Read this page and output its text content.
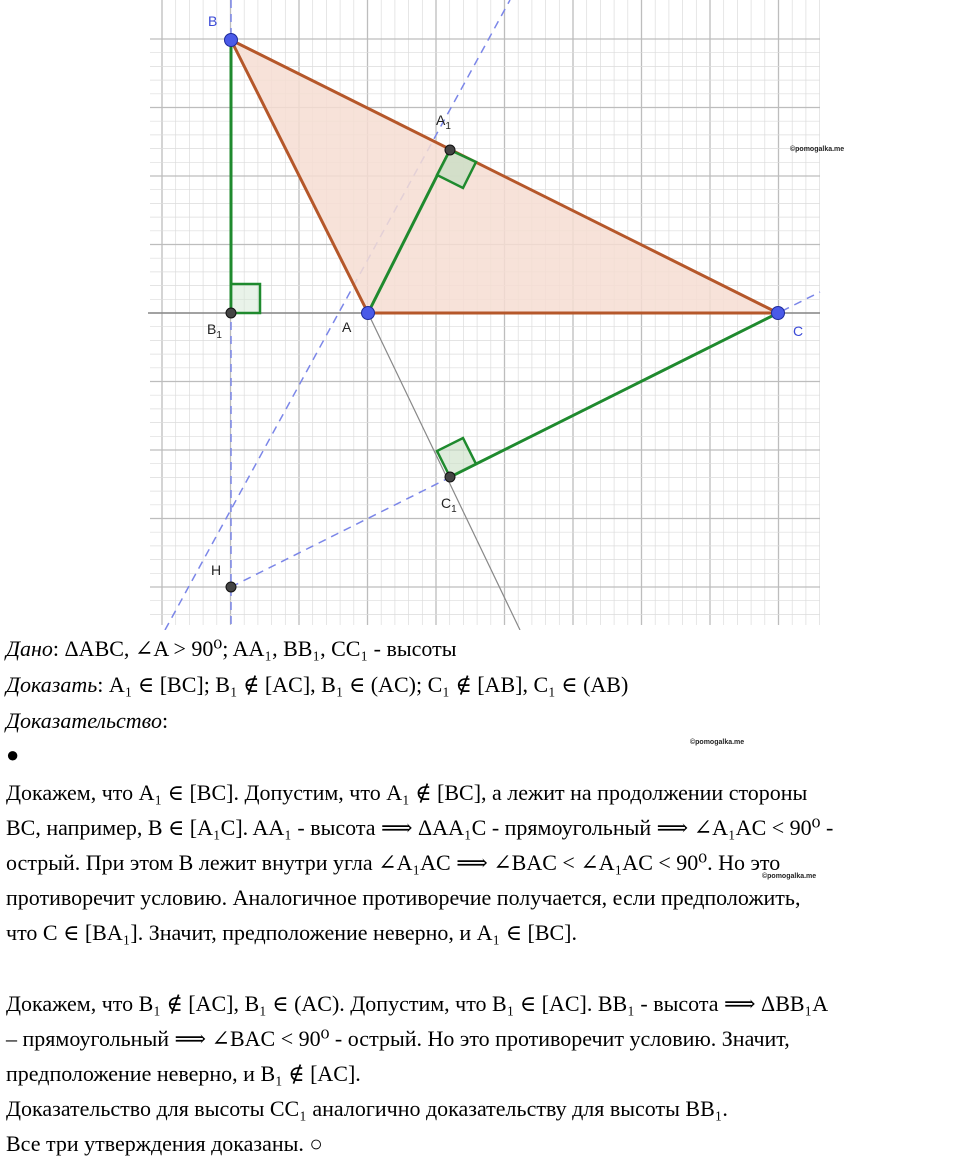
B
A	C
H
$A_1$
$B_1$
$C_1$
©pomogalka.me
©pomogalka.me
©pomogalka.me
Дано: ΔABC, ∠A > 90⁰; AA₁, BB₁, CC₁ - высоты
Доказать: A₁ ∈ [BC]; B₁ ∉ [AC], B₁ ∈ (AC); C₁ ∉ [AB], C₁ ∈ (AB)
Доказательство:
●
Докажем, что A₁ ∈ [BC]. Допустим, что A₁ ∉ [BC], а лежит на продолжении стороны
BC, например, B ∈ [A₁C]. AA₁ - высота ⟹ ΔAA₁C - прямоугольный ⟹ ∠A₁AC < 90⁰ -
острый. При этом B лежит внутри угла ∠A₁AC ⟹ ∠BAC < ∠A₁AC < 90⁰. Но это
противоречит условию. Аналогичное противоречие получается, если предположить,
что C ∈ [BA₁]. Значит, предположение неверно, и A₁ ∈ [BC].
Докажем, что B₁ ∉ [AC], B₁ ∈ (AC). Допустим, что B₁ ∈ [AC]. BB₁ - высота ⟹ ΔBB₁A
– прямоугольный ⟹ ∠BAC < 90⁰ - острый. Но это противоречит условию. Значит,
предположение неверно, и B₁ ∉ [AC].
Доказательство для высоты CC₁ аналогично доказательству для высоты BB₁.
Все три утверждения доказаны. ○
